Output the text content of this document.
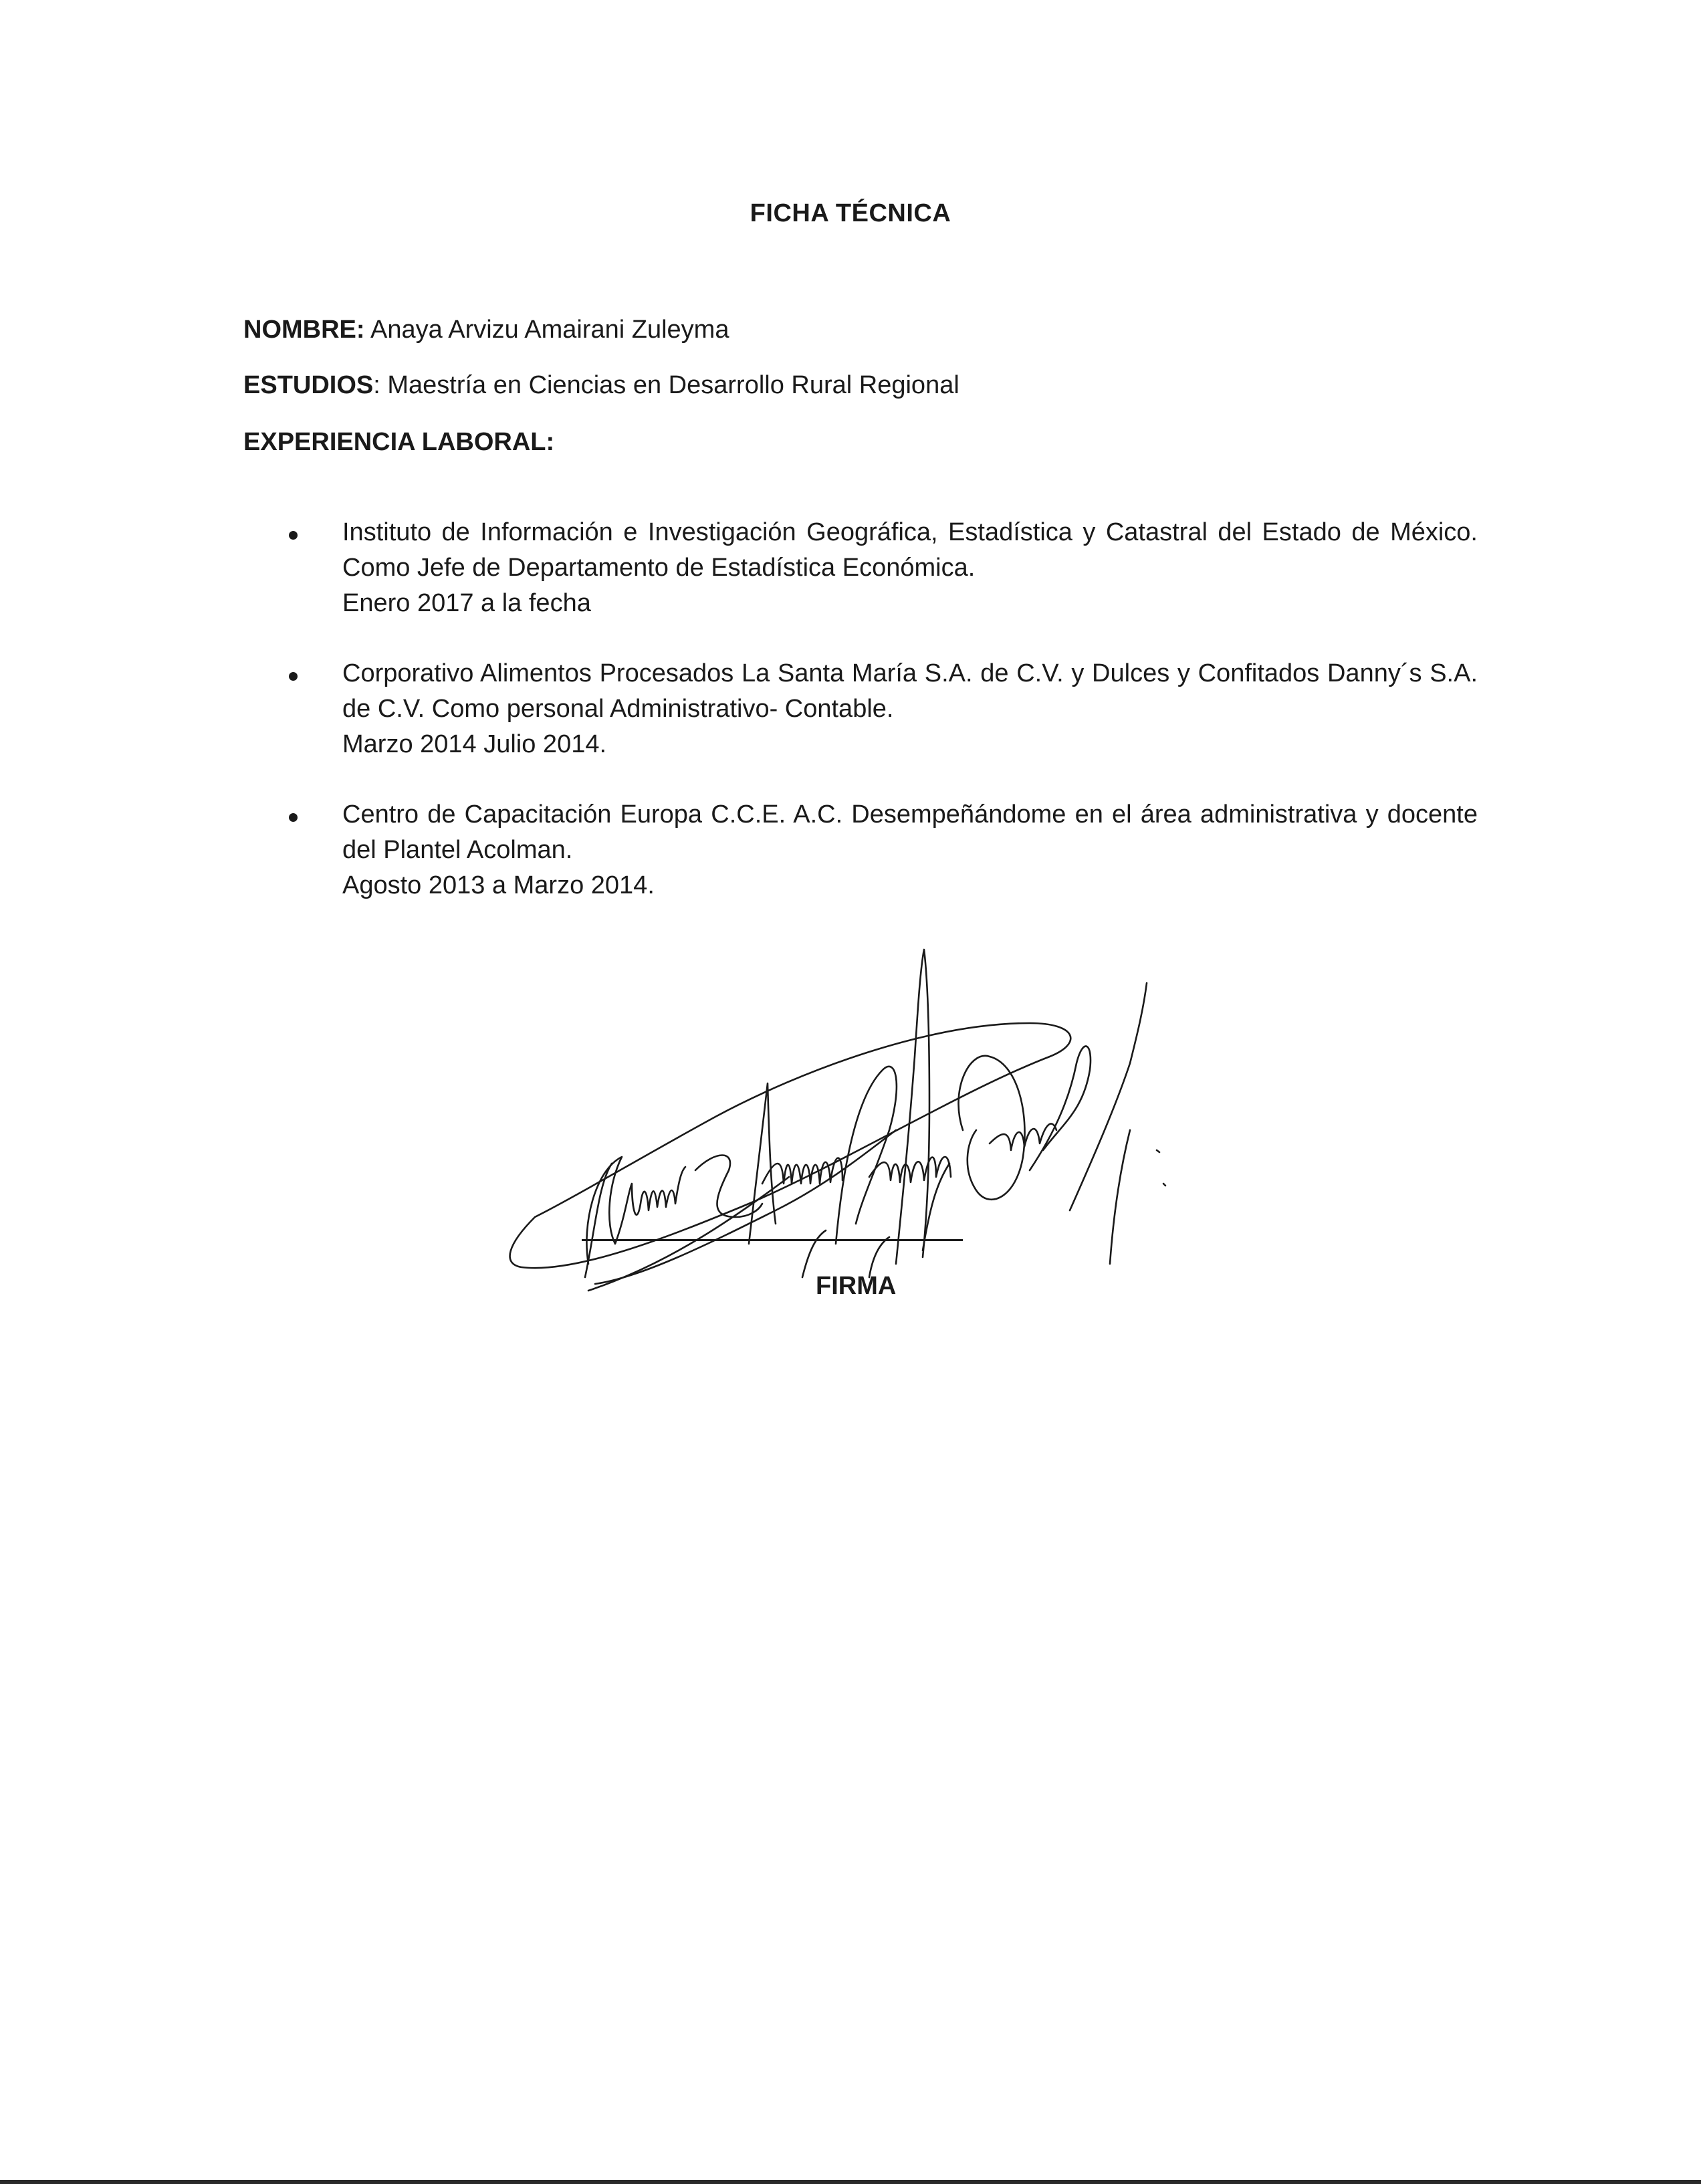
FICHA TÉCNICA
NOMBRE: Anaya Arvizu Amairani Zuleyma
ESTUDIOS: Maestría en Ciencias en Desarrollo Rural Regional
EXPERIENCIA LABORAL:
Instituto de Información e Investigación Geográfica, Estadística y Catastral del Estado de México. Como Jefe de Departamento de Estadística Económica.
Enero 2017 a la fecha
Corporativo Alimentos Procesados La Santa María S.A. de C.V. y Dulces y Confitados Danny´s S.A. de C.V. Como personal Administrativo- Contable.
Marzo 2014 Julio 2014.
Centro de Capacitación Europa C.C.E. A.C. Desempeñándome en el área administrativa y docente del Plantel Acolman.
Agosto 2013 a Marzo 2014.
FIRMA
